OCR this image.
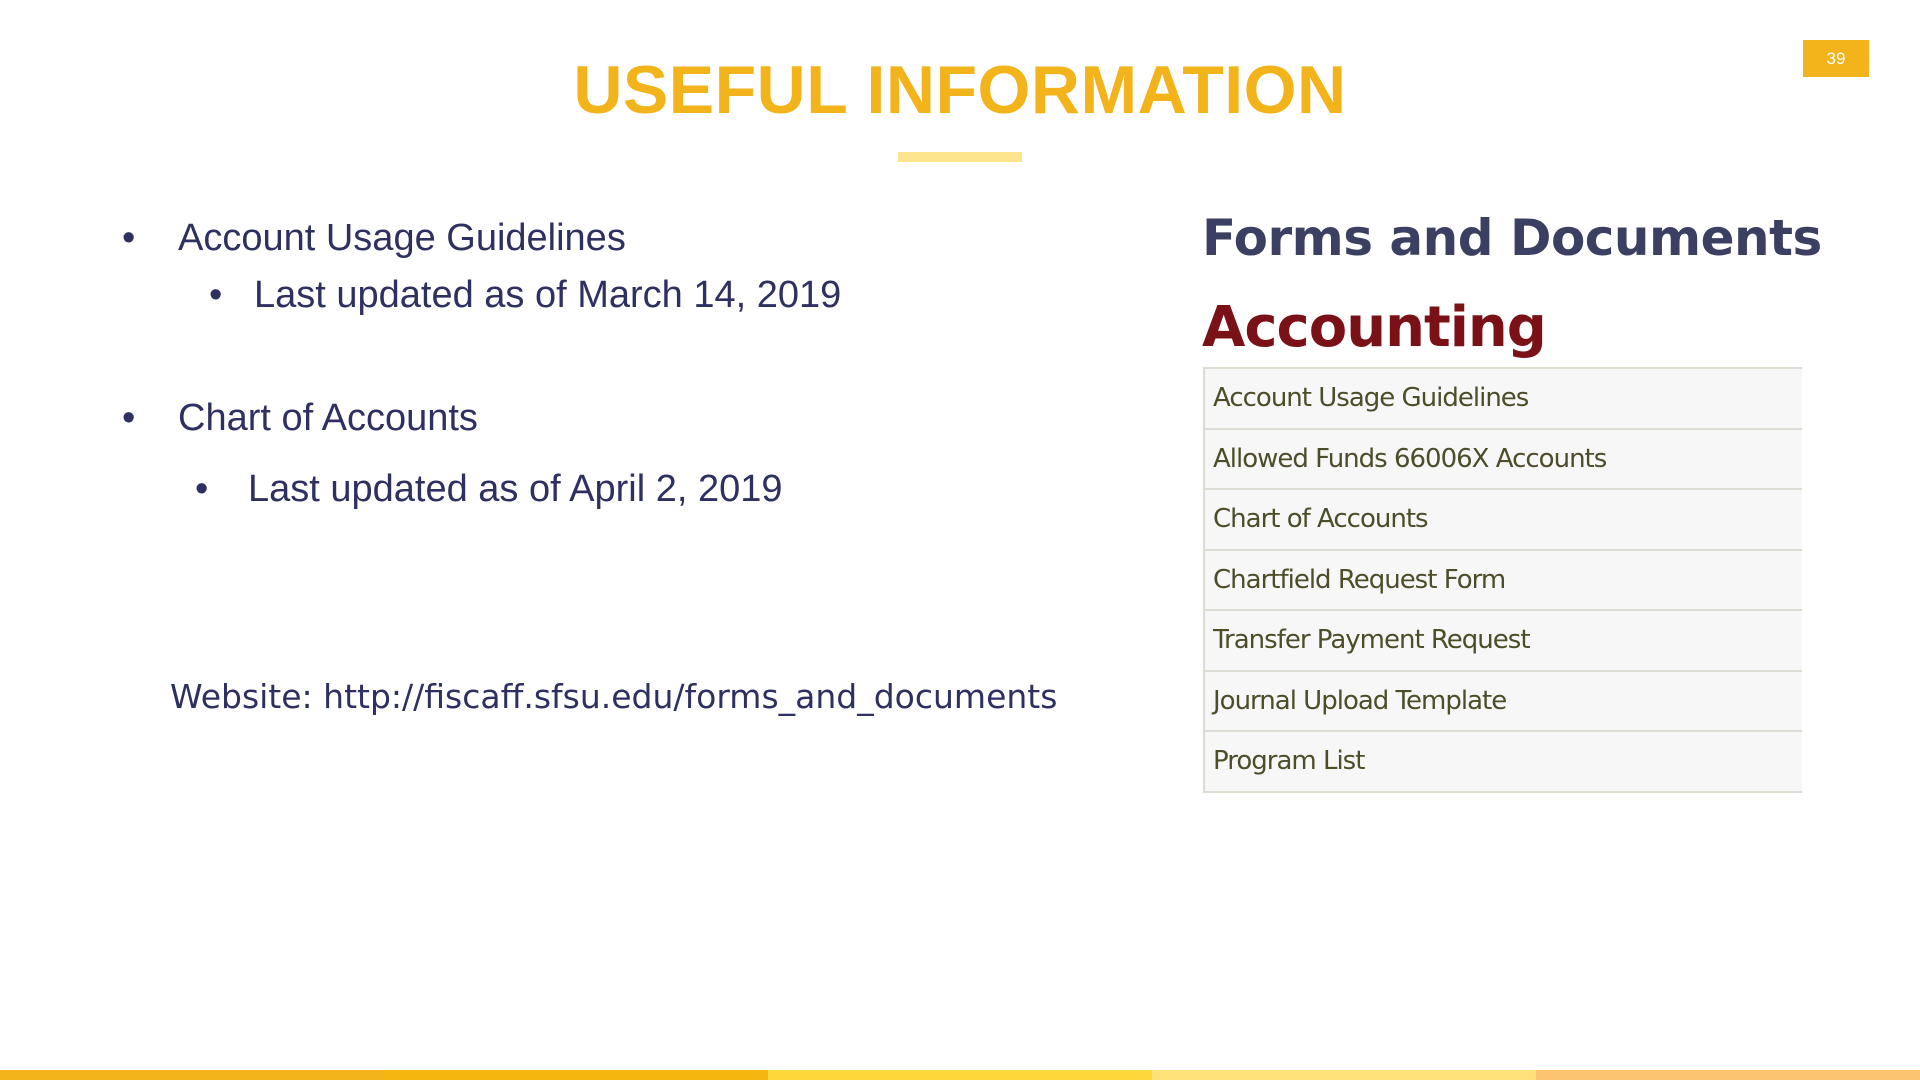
39
USEFUL INFORMATION
• Account Usage Guidelines
• Last updated as of March 14, 2019
• Chart of Accounts
• Last updated as of April 2, 2019
Website: http://fiscaff.sfsu.edu/forms_and_documents
Forms and Documents
Accounting
Account Usage Guidelines
Allowed Funds 66006X Accounts
Chart of Accounts
Chartfield Request Form
Transfer Payment Request
Journal Upload Template
Program List
